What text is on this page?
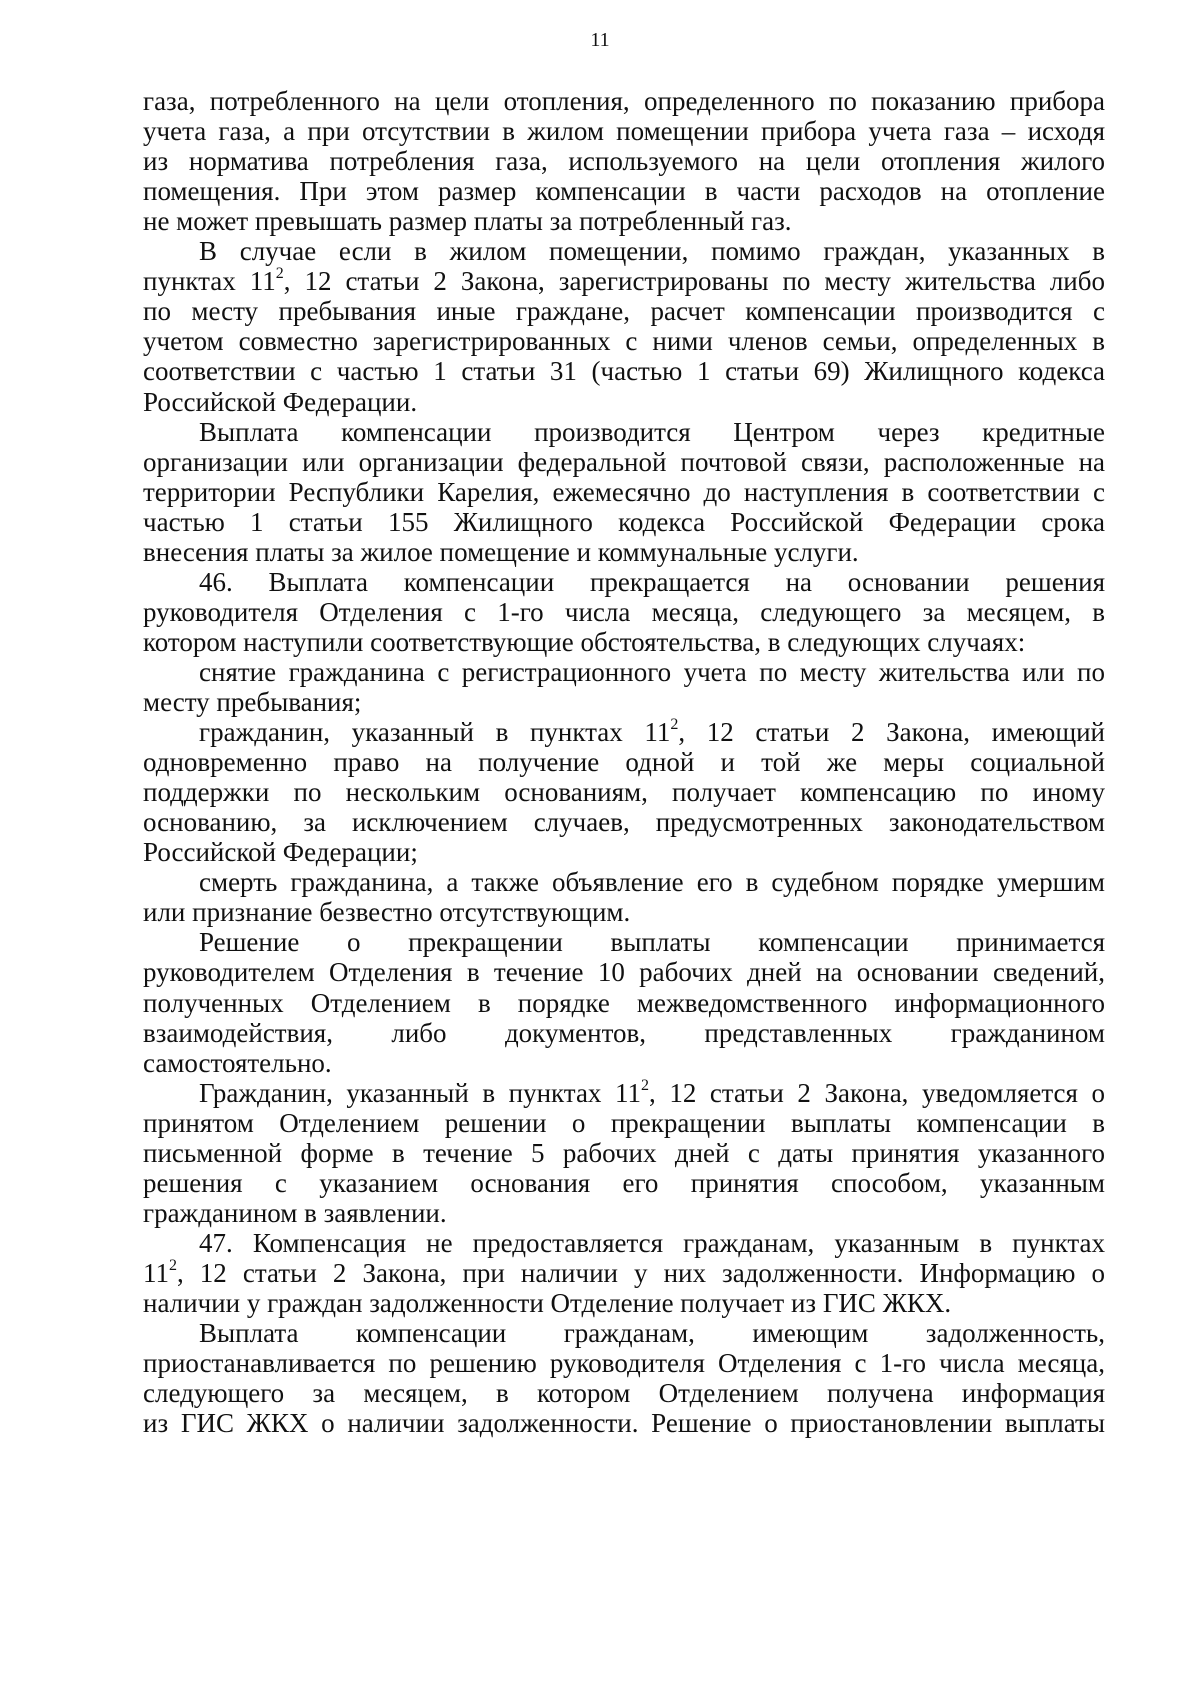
11
газа, потребленного на цели отопления, определенного по показанию прибора
учета газа, а при отсутствии в жилом помещении прибора учета газа – исходя
из норматива потребления газа, используемого на цели отопления жилого
помещения. При этом размер компенсации в части расходов на отопление
не может превышать размер платы за потребленный газ.
В случае если в жилом помещении, помимо граждан, указанных в
пунктах $11^2$, 12 статьи 2 Закона, зарегистрированы по месту жительства либо
по месту пребывания иные граждане, расчет компенсации производится с
учетом совместно зарегистрированных с ними членов семьи, определенных в
соответствии с частью 1 статьи 31 (частью 1 статьи 69) Жилищного кодекса
Российской Федерации.
Выплата компенсации производится Центром через кредитные
организации или организации федеральной почтовой связи, расположенные на
территории Республики Карелия, ежемесячно до наступления в соответствии с
частью 1 статьи 155 Жилищного кодекса Российской Федерации срока
внесения платы за жилое помещение и коммунальные услуги.
46. Выплата компенсации прекращается на основании решения
руководителя Отделения с 1-го числа месяца, следующего за месяцем, в
котором наступили соответствующие обстоятельства, в следующих случаях:
снятие гражданина с регистрационного учета по месту жительства или по
месту пребывания;
гражданин, указанный в пунктах $11^2$, 12 статьи 2 Закона, имеющий
одновременно право на получение одной и той же меры социальной
поддержки по нескольким основаниям, получает компенсацию по иному
основанию, за исключением случаев, предусмотренных законодательством
Российской Федерации;
смерть гражданина, а также объявление его в судебном порядке умершим
или признание безвестно отсутствующим.
Решение о прекращении выплаты компенсации принимается
руководителем Отделения в течение 10 рабочих дней на основании сведений,
полученных Отделением в порядке межведомственного информационного
взаимодействия, либо документов, представленных гражданином
самостоятельно.
Гражданин, указанный в пунктах $11^2$, 12 статьи 2 Закона, уведомляется о
принятом Отделением решении о прекращении выплаты компенсации в
письменной форме в течение 5 рабочих дней с даты принятия указанного
решения с указанием основания его принятия способом, указанным
гражданином в заявлении.
47. Компенсация не предоставляется гражданам, указанным в пунктах
$11^2$, 12 статьи 2 Закона, при наличии у них задолженности. Информацию о
наличии у граждан задолженности Отделение получает из ГИС ЖКХ.
Выплата компенсации гражданам, имеющим задолженность,
приостанавливается по решению руководителя Отделения с 1-го числа месяца,
следующего за месяцем, в котором Отделением получена информация
из ГИС ЖКХ о наличии задолженности. Решение о приостановлении выплаты
